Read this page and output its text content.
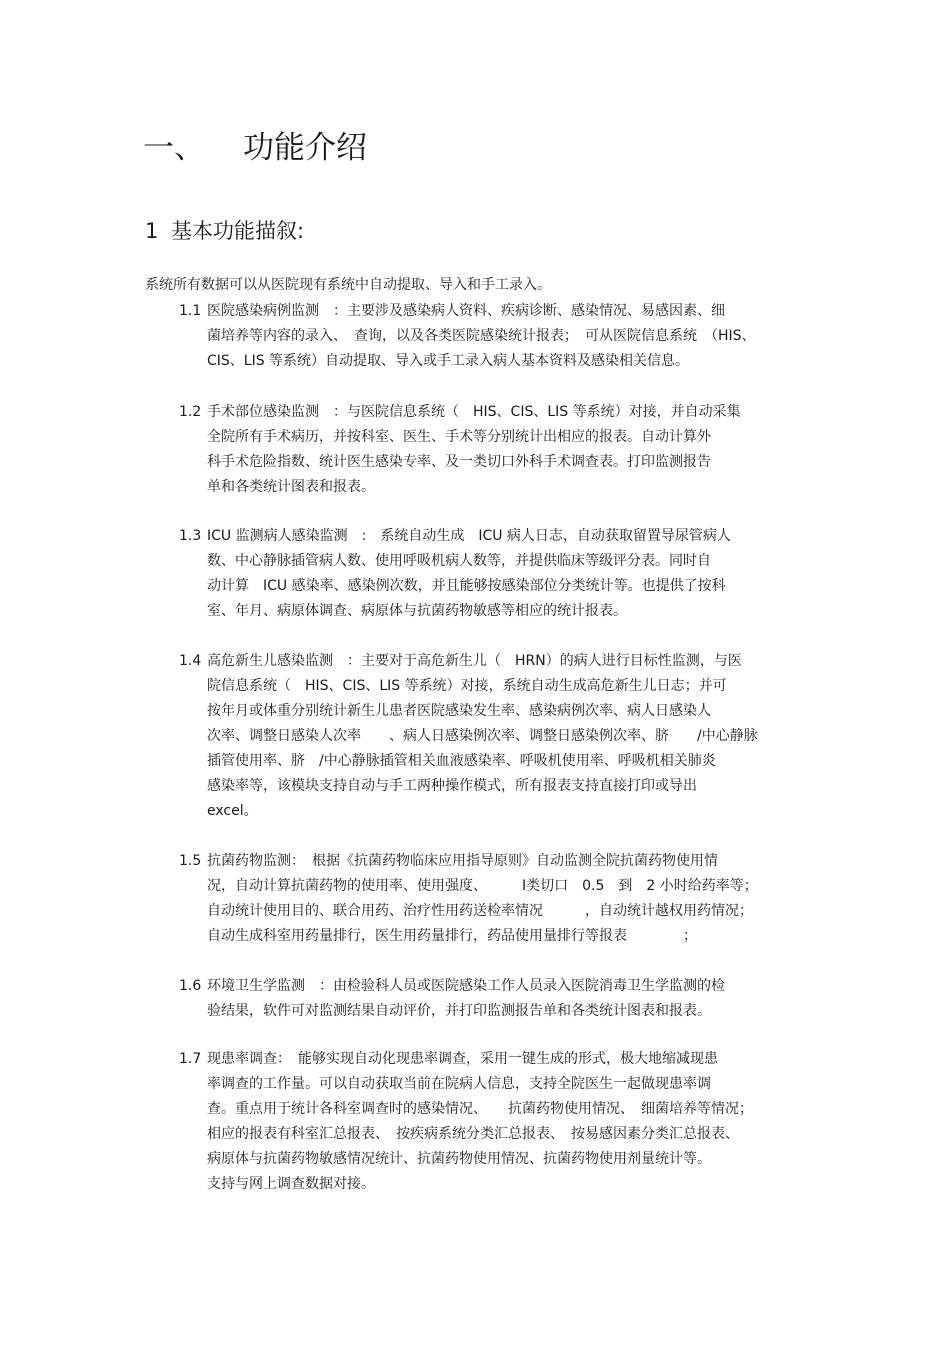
一、 功能介绍
1 基本功能描叙:
系统所有数据可以从医院现有系统中自动提取、导入和手工录入。
1.1 医院感染病例监测　：主要涉及感染病人资料、疾病诊断、感染情况、易感因素、细
菌培养等内容的录入、　查询，以及各类医院感染统计报表；　可从医院信息系统　（HIS、
CIS、LIS 等系统）自动提取、导入或手工录入病人基本资料及感染相关信息。
1.2 手术部位感染监测　：与医院信息系统（　HIS、CIS、LIS 等系统）对接，并自动采集
全院所有手术病历，并按科室、医生、手术等分别统计出相应的报表。自动计算外
科手术危险指数、统计医生感染专率、及一类切口外科手术调查表。打印监测报告
单和各类统计图表和报表。
1.3 ICU 监测病人感染监测　:　系统自动生成　ICU 病人日志，自动获取留置导尿管病人
数、中心静脉插管病人数、使用呼吸机病人数等，并提供临床等级评分表。同时自
动计算　ICU 感染率、感染例次数，并且能够按感染部位分类统计等。也提供了按科
室、年月、病原体调查、病原体与抗菌药物敏感等相应的统计报表。
1.4 高危新生儿感染监测　：主要对于高危新生儿（　HRN）的病人进行目标性监测，与医
院信息系统（　HIS、CIS、LIS 等系统）对接，系统自动生成高危新生儿日志；并可
按年月或体重分别统计新生儿患者医院感染发生率、感染病例次率、病人日感染人
次率、调整日感染人次率　　、病人日感染例次率、调整日感染例次率、脐　　/中心静脉
插管使用率、脐　/中心静脉插管相关血液感染率、呼吸机使用率、呼吸机相关肺炎
感染率等，该模块支持自动与手工两种操作模式，所有报表支持直接打印或导出
excel。
1.5 抗菌药物监测：　根据《抗菌药物临床应用指导原则》自动监测全院抗菌药物使用情
况，自动计算抗菌药物的使用率、使用强度、　　　Ⅰ类切口　0.5　到　2 小时给药率等；
自动统计使用目的、联合用药、治疗性用药送检率情况　　　，自动统计越权用药情况；
自动生成科室用药量排行，医生用药量排行，药品使用量排行等报表　　　　；
1.6 环境卫生学监测　：由检验科人员或医院感染工作人员录入医院消毒卫生学监测的检
验结果，软件可对监测结果自动评价，并打印监测报告单和各类统计图表和报表。
1.7 现患率调查：　能够实现自动化现患率调查，采用一键生成的形式，极大地缩减现患
率调查的工作量。可以自动获取当前在院病人信息，支持全院医生一起做现患率调
查。重点用于统计各科室调查时的感染情况、　　抗菌药物使用情况、　细菌培养等情况；
相应的报表有科室汇总报表、　按疾病系统分类汇总报表、　按易感因素分类汇总报表、
病原体与抗菌药物敏感情况统计、抗菌药物使用情况、抗菌药物使用剂量统计等。
支持与网上调查数据对接。
